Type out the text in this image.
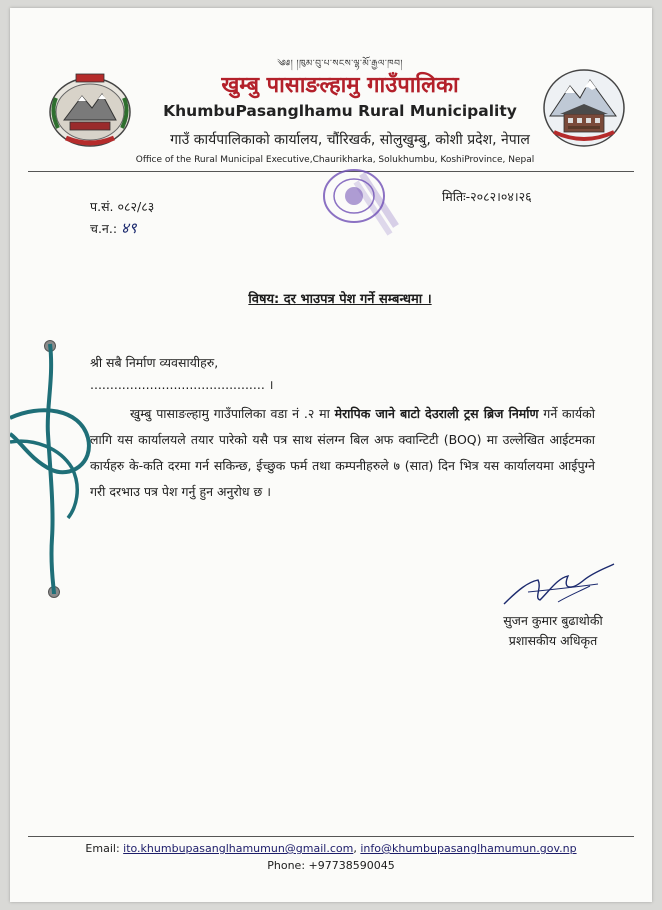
༄༅། །ཁུམ་བུ་པ་སངས་ལྷ་མོ་རྒྱལ་ཁབ།
खुम्बु पासाङल्हामु गाउँपालिका
KhumbuPasanglhamu Rural Municipality
गाउँ कार्यपालिकाको कार्यालय, चौंरिखर्क, सोलुखुम्बु, कोशी प्रदेश, नेपाल
Office of the Rural Municipal Executive,Chaurikharka, Solukhumbu, KoshiProvince, Nepal
प.सं. ०८२/८३
च.न.: ४९
मितिः-२०८२।०४।२६
विषय: दर भाउपत्र पेश गर्ने सम्बन्धमा ।
श्री सबै निर्माण व्यवसायीहरु,
............................................ ।
खुम्बु पासाङल्हामु गाउँपालिका वडा नं .२ मा मेरापिक जाने बाटो देउराली ट्रस ब्रिज निर्माण गर्ने कार्यको लागि यस कार्यालयले तयार पारेको यसै पत्र साथ संलग्न बिल अफ क्वान्टिटी (BOQ) मा उल्लेखित आईटमका कार्यहरु के-कति दरमा गर्न सकिन्छ, ईच्छुक फर्म तथा कम्पनीहरुले ७ (सात) दिन भित्र यस कार्यालयमा आईपुग्ने गरी दरभाउ पत्र पेश गर्नु हुन अनुरोध छ ।
सुजन कुमार बुढाथोकी
प्रशासकीय अधिकृत
Email: ito.khumbupasanglhamumun@gmail.com, info@khumbupasanglhamumun.gov.np
Phone: +97738590045
